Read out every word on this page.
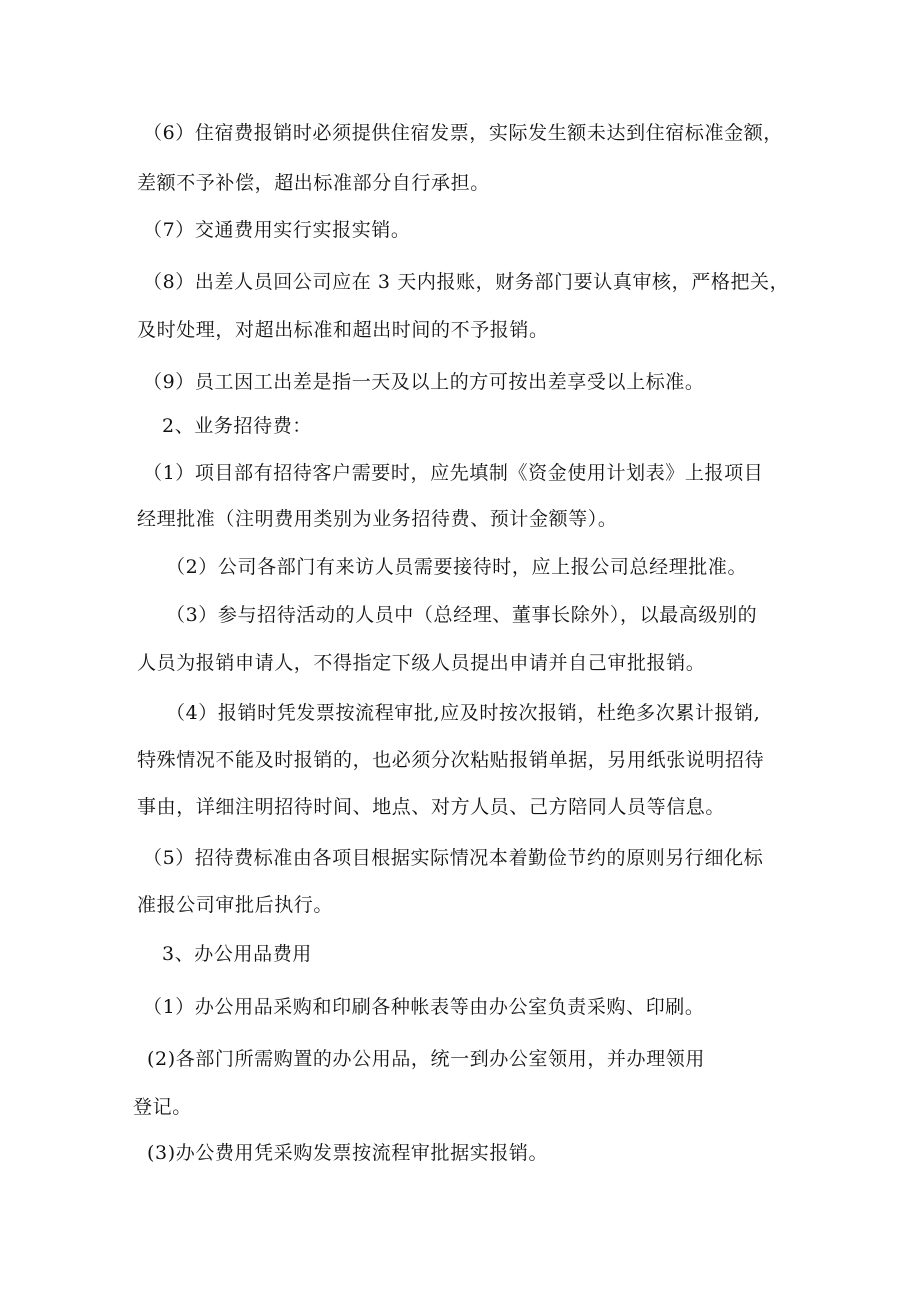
（6）住宿费报销时必须提供住宿发票，实际发生额未达到住宿标准金额，
差额不予补偿，超出标准部分自行承担。
（7）交通费用实行实报实销。
（8）出差人员回公司应在 3 天内报账，财务部门要认真审核，严格把关，
及时处理，对超出标准和超出时间的不予报销。
（9）员工因工出差是指一天及以上的方可按出差享受以上标准。
2、业务招待费：
（1）项目部有招待客户需要时，应先填制《资金使用计划表》上报项目
经理批准（注明费用类别为业务招待费、预计金额等）。
（2）公司各部门有来访人员需要接待时，应上报公司总经理批准。
（3）参与招待活动的人员中（总经理、董事长除外），以最高级别的
人员为报销申请人，不得指定下级人员提出申请并自己审批报销。
（4）报销时凭发票按流程审批,应及时按次报销，杜绝多次累计报销,
特殊情况不能及时报销的，也必须分次粘贴报销单据，另用纸张说明招待
事由，详细注明招待时间、地点、对方人员、己方陪同人员等信息。
（5）招待费标准由各项目根据实际情况本着勤俭节约的原则另行细化标
准报公司审批后执行。
3、办公用品费用
（1）办公用品采购和印刷各种帐表等由办公室负责采购、印刷。
(2)各部门所需购置的办公用品，统一到办公室领用，并办理领用
登记。
(3)办公费用凭采购发票按流程审批据实报销。
